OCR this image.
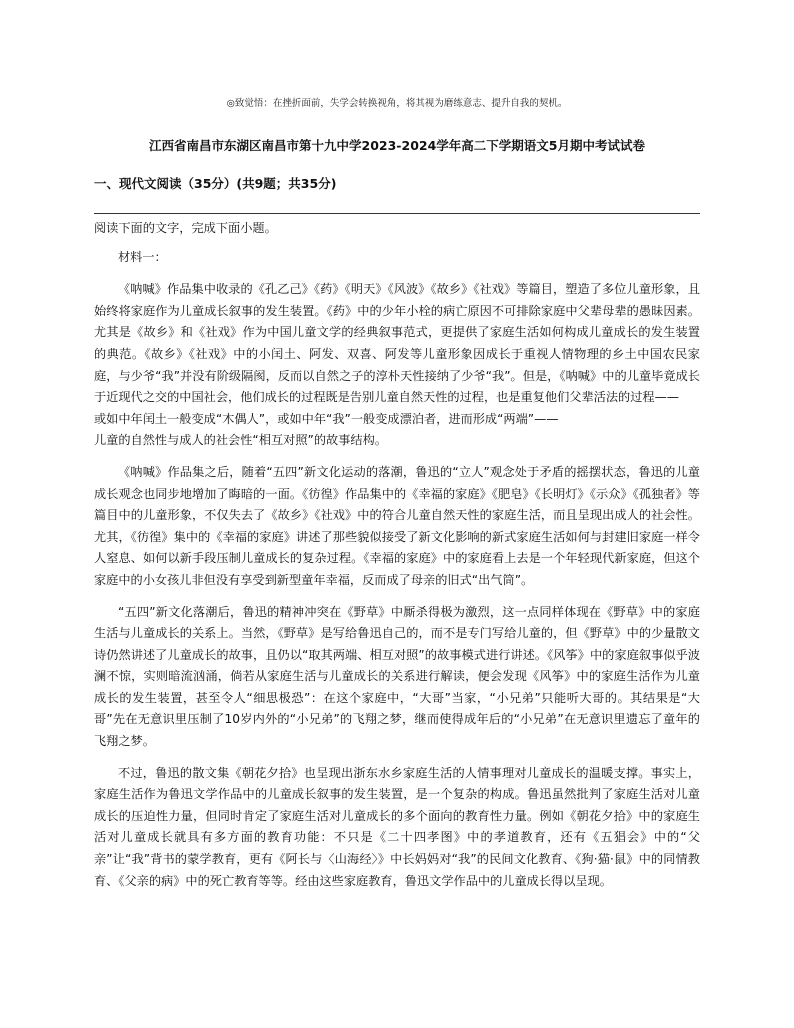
◎致觉悟：在挫折面前，失学会转换视角，将其视为磨练意志、提升自我的契机。
江西省南昌市东湖区南昌市第十九中学2023-2024学年高二下学期语文5月期中考试试卷
一、现代文阅读（35分）(共9题；共35分)

阅读下面的文字，完成下面小题。

材料一：

《呐喊》作品集中收录的《孔乙己》《药》《明天》《风波》《故乡》《社戏》等篇目，塑造了多位儿童形象，且始终将家庭作为儿童成长叙事的发生装置。《药》中的少年小栓的病亡原因不可排除家庭中父辈母辈的愚昧因素。尤其是《故乡》和《社戏》作为中国儿童文学的经典叙事范式，更提供了家庭生活如何构成儿童成长的发生装置的典范。《故乡》《社戏》中的小闰土、阿发、双喜、阿发等儿童形象因成长于重视人情物理的乡土中国农民家庭，与少爷“我”并没有阶级隔阂，反而以自然之子的淳朴天性接纳了少爷“我”。但是，《呐喊》中的儿童毕竟成长于近现代之交的中国社会，他们成长的过程既是告别儿童自然天性的过程，也是重复他们父辈活法的过程——
或如中年闰土一般变成“木偶人”，或如中年“我”一般变成漂泊者，进而形成“两端”——
儿童的自然性与成人的社会性“相互对照”的故事结构。

《呐喊》作品集之后，随着“五四”新文化运动的落潮，鲁迅的“立人”观念处于矛盾的摇摆状态，鲁迅的儿童成长观念也同步地增加了晦暗的一面。《彷徨》作品集中的《幸福的家庭》《肥皂》《长明灯》《示众》《孤独者》等篇目中的儿童形象，不仅失去了《故乡》《社戏》中的符合儿童自然天性的家庭生活，而且呈现出成人的社会性。尤其，《彷徨》集中的《幸福的家庭》讲述了那些貌似接受了新文化影响的新式家庭生活如何与封建旧家庭一样令人窒息、如何以新手段压制儿童成长的复杂过程。《幸福的家庭》中的家庭看上去是一个年轻现代新家庭，但这个家庭中的小女孩儿非但没有享受到新型童年幸福，反而成了母亲的旧式“出气筒”。

“五四”新文化落潮后，鲁迅的精神冲突在《野草》中厮杀得极为激烈，这一点同样体现在《野草》中的家庭生活与儿童成长的关系上。当然，《野草》是写给鲁迅自己的，而不是专门写给儿童的，但《野草》中的少量散文诗仍然讲述了儿童成长的故事，且仍以“取其两端、相互对照”的故事模式进行讲述。《风筝》中的家庭叙事似乎波澜不惊，实则暗流汹涌，倘若从家庭生活与儿童成长的关系进行解读，便会发现《风筝》中的家庭生活作为儿童成长的发生装置，甚至令人“细思极恐”：在这个家庭中，“大哥”当家，“小兄弟”只能听大哥的。其结果是“大哥”先在无意识里压制了10岁内外的“小兄弟”的飞翔之梦，继而使得成年后的“小兄弟”在无意识里遗忘了童年的飞翔之梦。

不过，鲁迅的散文集《朝花夕拾》也呈现出浙东水乡家庭生活的人情事理对儿童成长的温暖支撑。事实上，家庭生活作为鲁迅文学作品中的儿童成长叙事的发生装置，是一个复杂的构成。鲁迅虽然批判了家庭生活对儿童成长的压迫性力量，但同时肯定了家庭生活对儿童成长的多个面向的教育性力量。例如《朝花夕拾》中的家庭生活对儿童成长就具有多方面的教育功能：不只是《二十四孝图》中的孝道教育，还有《五猖会》中的“父亲”让“我”背书的蒙学教育，更有《阿长与〈山海经〉》中长妈妈对“我”的民间文化教育、《狗·猫·鼠》中的同情教育、《父亲的病》中的死亡教育等等。经由这些家庭教育，鲁迅文学作品中的儿童成长得以呈现。
